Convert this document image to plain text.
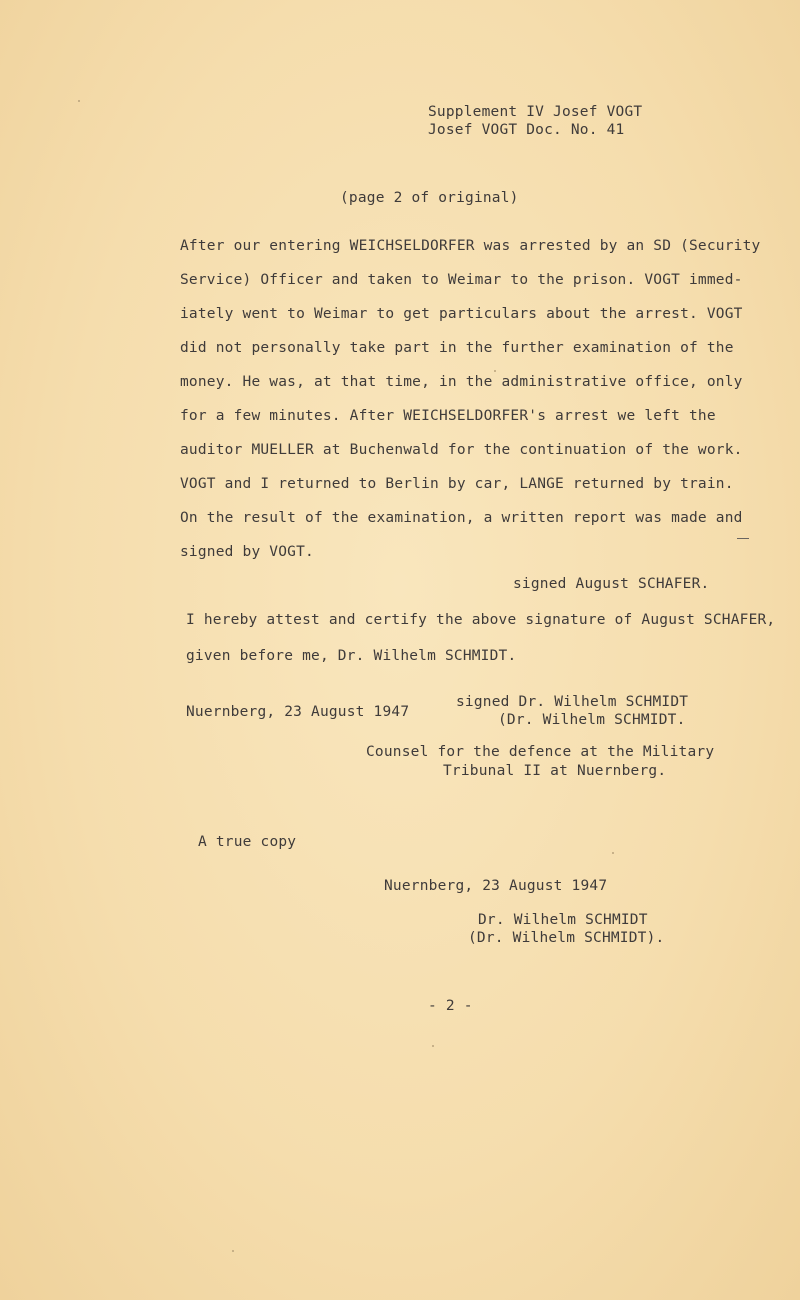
Supplement IV Josef VOGT
Josef VOGT Doc. No. 41
(page 2 of original)
After our entering WEICHSELDORFER was arrested by an SD (Security
Service) Officer and taken to Weimar to the prison. VOGT immed-
iately went to Weimar to get particulars about the arrest. VOGT
did not personally take part in the further examination of the
money. He was, at that time, in the administrative office, only
for a few minutes. After WEICHSELDORFER's arrest we left the
auditor MUELLER at Buchenwald for the continuation of the work.
VOGT and I returned to Berlin by car, LANGE returned by train.
On the result of the examination, a written report was made and
signed by VOGT.
signed August SCHAFER.
I hereby attest and certify the above signature of August SCHAFER,
given before me, Dr. Wilhelm SCHMIDT.
Nuernberg, 23 August 1947
signed Dr. Wilhelm SCHMIDT
(Dr. Wilhelm SCHMIDT.
Counsel for the defence at the Military
Tribunal II at Nuernberg.
A true copy
Nuernberg, 23 August 1947
Dr. Wilhelm SCHMIDT
(Dr. Wilhelm SCHMIDT).
- 2 -
